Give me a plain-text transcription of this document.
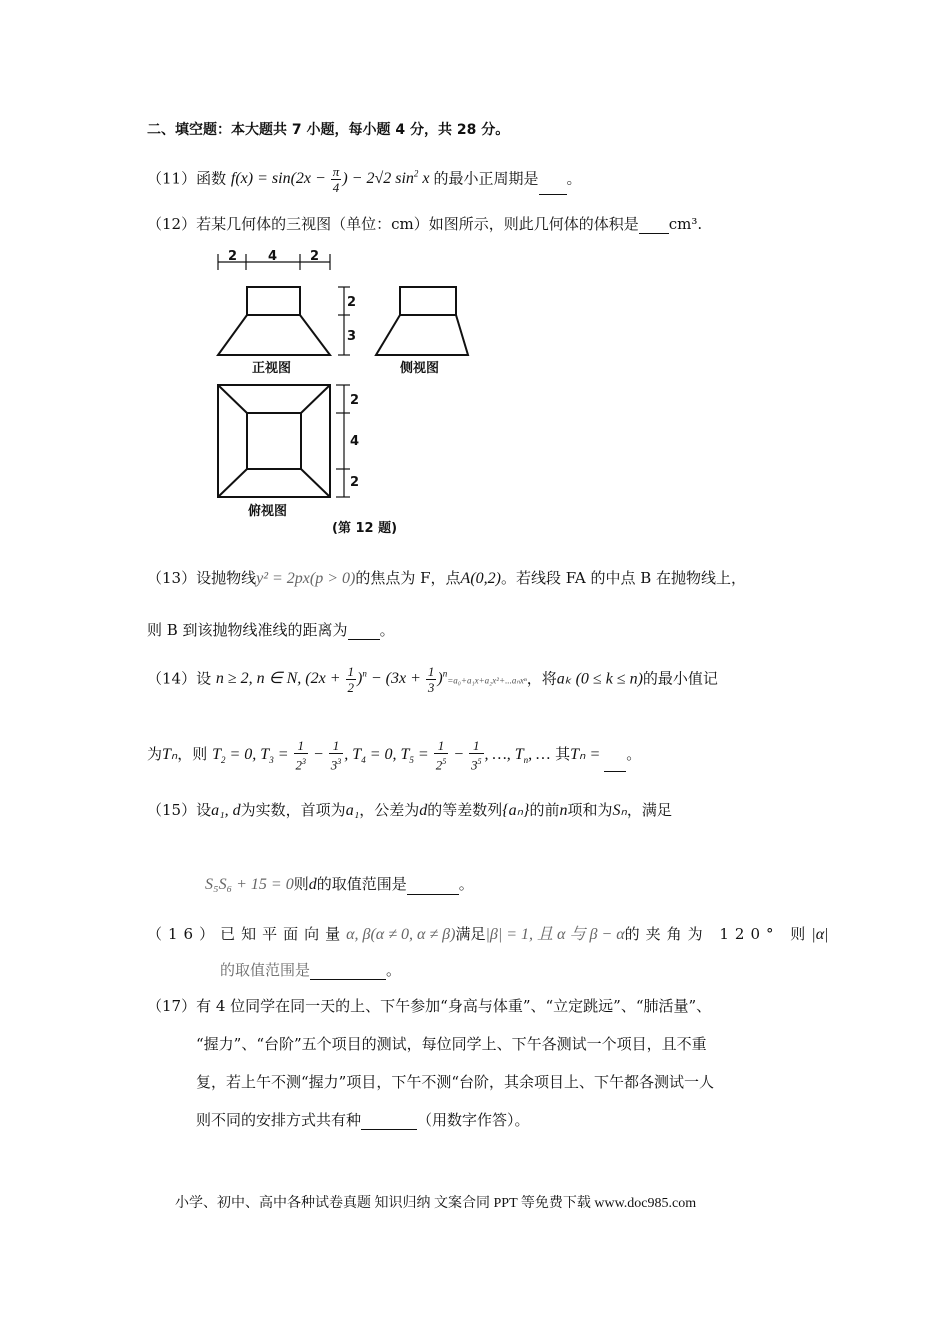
二、填空题：本大题共 7 小题，每小题 4 分，共 28 分。
（11）函数 $f(x) = \sin(2x - \frac{\pi}{4}$ ) − 2√2 $\sin^2 x$ 的最小正周期是 。
（12）若某几何体的三视图（单位：cm）如图所示，则此几何体的体积是 cm³.
2 4	2
2
3
正视图	侧视图
2
4
2
俯视图
(第 12 题)
（13）设抛物线y² = 2px(p > 0)的焦点为 F，点A(0,2)。若线段 FA 的中点 B 在抛物线上，
则 B 到该抛物线准线的距离为 。
（14）设 n ≥ 2, n ∈ N, $(2x + \frac{1}{2} )^n - (3x + \frac{1}{3} )^n=a_0+a_1x+a_2x^2+...a_nx^n$，将aₖ (0 ≤ k ≤ n)的最小值记
为Tₙ，则 $T_2 = 0$, $T_3 = \frac{1}{2^3} - \frac{1}{3^3}$ , $T_4 = 0$, $T_5 = \frac{1}{2^5} - \frac{1}{3^5}$ , …, $T_n$, … 其Tₙ = 。
（15）设a₁, d为实数，首项为a₁，公差为d的等差数列{aₙ}的前n项和为Sₙ，满足
S₅S₆ + 15 = 0则d的取值范围是	。
（16）已知平面向量α, β(α ≠ 0, α ≠ β)满足|β| = 1, 且 α 与 β − α的夹角为 120° 则|α|
的取值范围是	。
（17）有 4 位同学在同一天的上、下午参加“身高与体重”、“立定跳远”、“肺活量”、
“握力”、“台阶”五个项目的测试，每位同学上、下午各测试一个项目，且不重
复，若上午不测“握力”项目，下午不测“台阶，其余项目上、下午都各测试一人
则不同的安排方式共有种	（用数字作答）。
小学、初中、高中各种试卷真题 知识归纳 文案合同 PPT 等免费下载 www.doc985.com
